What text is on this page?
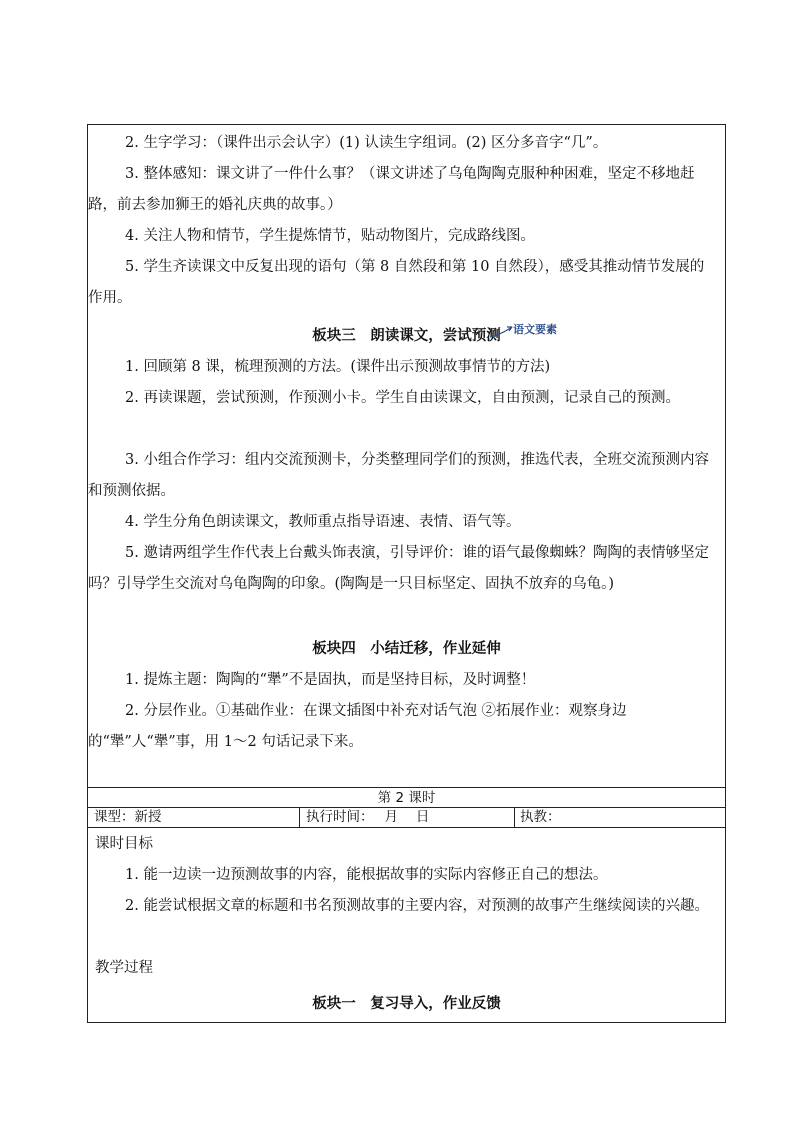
2. 生字学习：（课件出示会认字）(1) 认读生字组词。(2) 区分多音字“几”。
3. 整体感知：课文讲了一件什么事？（课文讲述了乌龟陶陶克服种种困难，坚定不移地赶路，前去参加狮王的婚礼庆典的故事。）
4. 关注人物和情节，学生提炼情节，贴动物图片，完成路线图。
5. 学生齐读课文中反复出现的语句（第 8 自然段和第 10 自然段），感受其推动情节发展的作用。
板块三　朗读课文，尝试预测	语文要素
1. 回顾第 8 课，梳理预测的方法。(课件出示预测故事情节的方法)
2. 再读课题，尝试预测，作预测小卡。学生自由读课文，自由预测，记录自己的预测。
3. 小组合作学习：组内交流预测卡，分类整理同学们的预测，推选代表，全班交流预测内容和预测依据。
4. 学生分角色朗读课文，教师重点指导语速、表情、语气等。
5. 邀请两组学生作代表上台戴头饰表演，引导评价：谁的语气最像蜘蛛？陶陶的表情够坚定吗？引导学生交流对乌龟陶陶的印象。(陶陶是一只目标坚定、固执不放弃的乌龟。)
板块四　小结迁移，作业延伸
1. 提炼主题：陶陶的“犟”不是固执，而是坚持目标，及时调整！
2. 分层作业。①基础作业：在课文插图中补充对话气泡 ②拓展作业：观察身边的“犟”人“犟”事，用 1～2 句话记录下来。
第 2 课时
课型：新授	执行时间：　 月　 日	执教：
课时目标
1. 能一边读一边预测故事的内容，能根据故事的实际内容修正自己的想法。
2. 能尝试根据文章的标题和书名预测故事的主要内容，对预测的故事产生继续阅读的兴趣。
教学过程
板块一　复习导入，作业反馈
